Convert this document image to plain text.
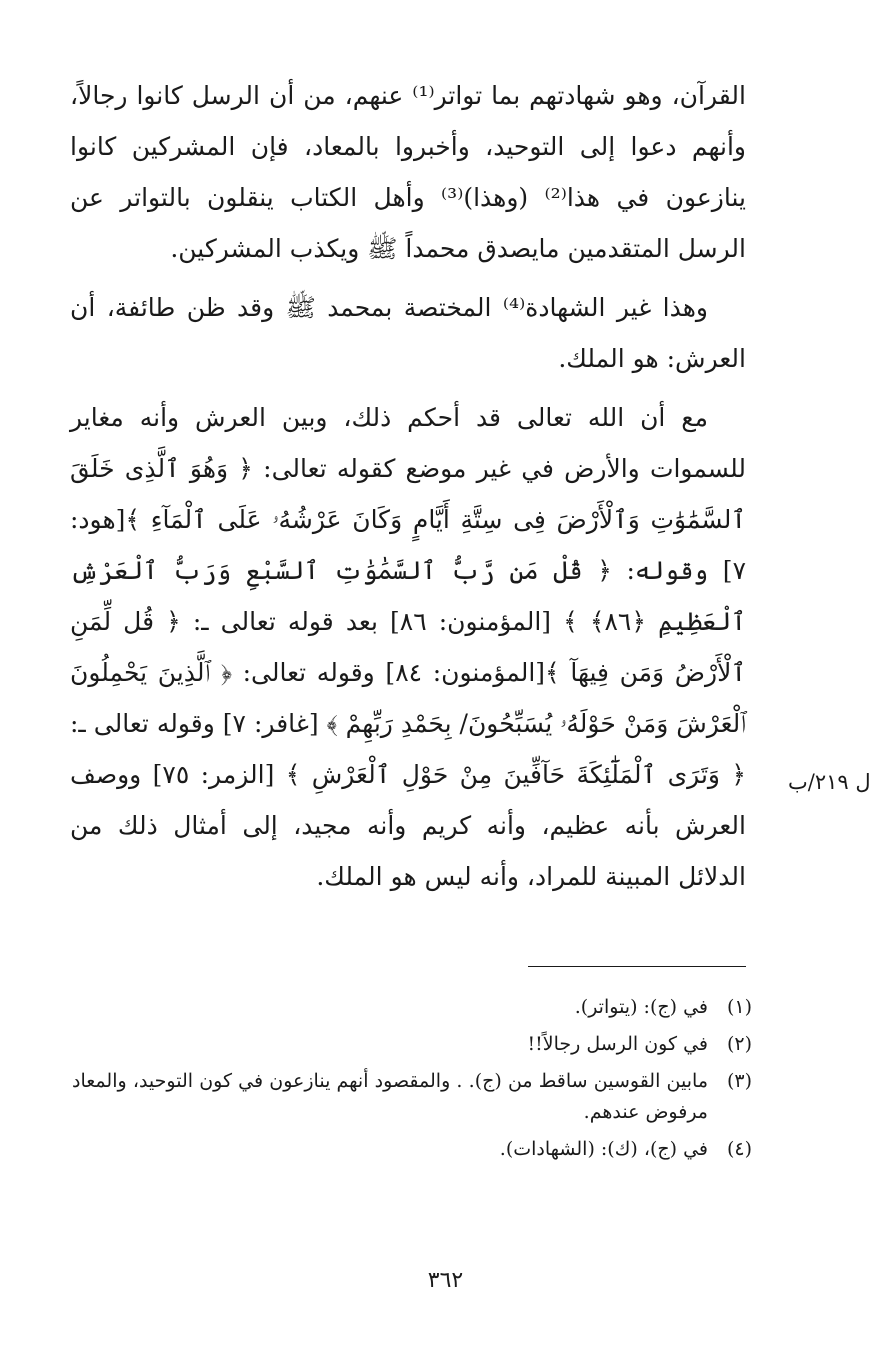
القرآن، وهو شهادتهم بما تواتر⁽¹⁾ عنهم، من أن الرسل كانوا رجالاً، وأنهم دعوا إلى التوحيد، وأخبروا بالمعاد، فإن المشركين كانوا ينازعون في هذا⁽²⁾ (وهذا)⁽³⁾ وأهل الكتاب ينقلون بالتواتر عن الرسل المتقدمين مايصدق محمداً ﷺ ويكذب المشركين.

وهذا غير الشهادة⁽⁴⁾ المختصة بمحمد ﷺ وقد ظن طائفة، أن العرش: هو الملك.

مع أن الله تعالى قد أحكم ذلك، وبين العرش وأنه مغاير للسموات والأرض في غير موضع كقوله تعالى: ﴿ وَهُوَ ٱلَّذِى خَلَقَ ٱلسَّمَٰوَٰتِ وَٱلْأَرْضَ فِى سِتَّةِ أَيَّامٍ وَكَانَ عَرْشُهُۥ عَلَى ٱلْمَآءِ ﴾[هود: ٧] وقوله: ﴿ قُلْ مَن رَّبُّ ٱلسَّمَٰوَٰتِ ٱلسَّبْعِ وَرَبُّ ٱلْعَرْشِ ٱلْعَظِيمِ ﴿٨٦﴾ ﴾ [المؤمنون: ٨٦] بعد قوله تعالى ـ: ﴿ قُل لِّمَنِ ٱلْأَرْضُ وَمَن فِيهَآ ﴾[المؤمنون: ٨٤] وقوله تعالى: ﴿ ٱلَّذِينَ يَحْمِلُونَ ٱلْعَرْشَ وَمَنْ حَوْلَهُۥ يُسَبِّحُونَ/ بِحَمْدِ رَبِّهِمْ ﴾ [غافر: ٧] وقوله تعالى ـ: ﴿ وَتَرَى ٱلْمَلَٰٓئِكَةَ حَآفِّينَ مِنْ حَوْلِ ٱلْعَرْشِ ﴾ [الزمر: ٧٥] ووصف العرش بأنه عظيم، وأنه كريم وأنه مجيد، إلى أمثال ذلك من الدلائل المبينة للمراد، وأنه ليس هو الملك.

ل ٢١٩/ب
(١)
في (ج): (يتواتر).
(٢)
في كون الرسل رجالاً!!
(٣)
مابين القوسين ساقط من (ج). . والمقصود أنهم ينازعون في كون التوحيد، والمعاد مرفوض عندهم.
(٤)
في (ج)، (ك): (الشهادات).
٣٦٢
